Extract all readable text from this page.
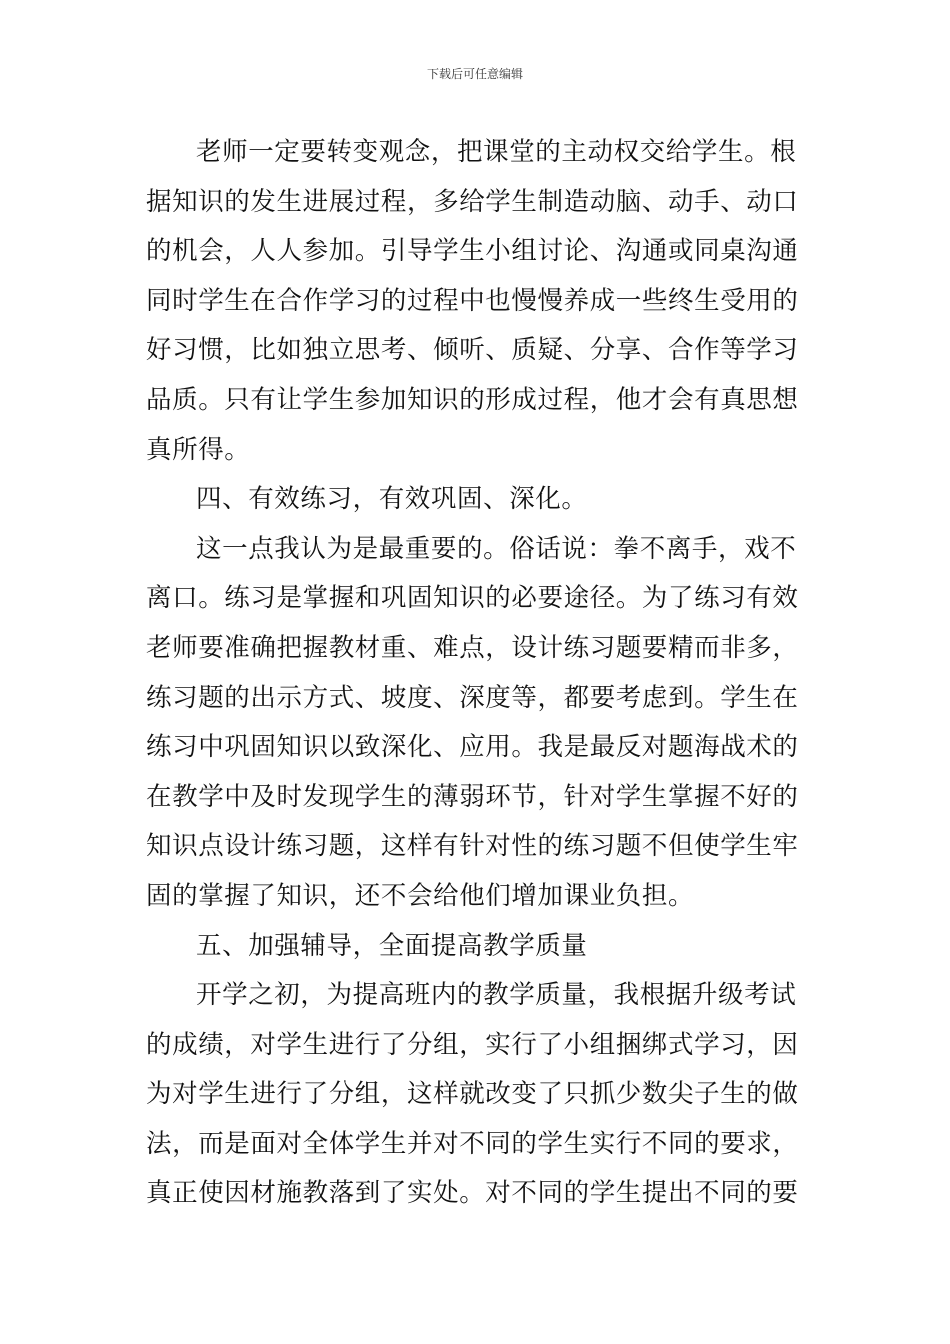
下载后可任意编辑
老师一定要转变观念，把课堂的主动权交给学生。根
据知识的发生进展过程，多给学生制造动脑、动手、动口
的机会，人人参加。引导学生小组讨论、沟通或同桌沟通
同时学生在合作学习的过程中也慢慢养成一些终生受用的
好习惯，比如独立思考、倾听、质疑、分享、合作等学习
品质。只有让学生参加知识的形成过程，他才会有真思想
真所得。
四、有效练习，有效巩固、深化。
这一点我认为是最重要的。俗话说：拳不离手，戏不
离口。练习是掌握和巩固知识的必要途径。为了练习有效
老师要准确把握教材重、难点，设计练习题要精而非多，
练习题的出示方式、坡度、深度等，都要考虑到。学生在
练习中巩固知识以致深化、应用。我是最反对题海战术的
在教学中及时发现学生的薄弱环节，针对学生掌握不好的
知识点设计练习题，这样有针对性的练习题不但使学生牢
固的掌握了知识，还不会给他们增加课业负担。
五、加强辅导，全面提高教学质量
开学之初，为提高班内的教学质量，我根据升级考试
的成绩，对学生进行了分组，实行了小组捆绑式学习，因
为对学生进行了分组，这样就改变了只抓少数尖子生的做
法，而是面对全体学生并对不同的学生实行不同的要求，
真正使因材施教落到了实处。对不同的学生提出不同的要
